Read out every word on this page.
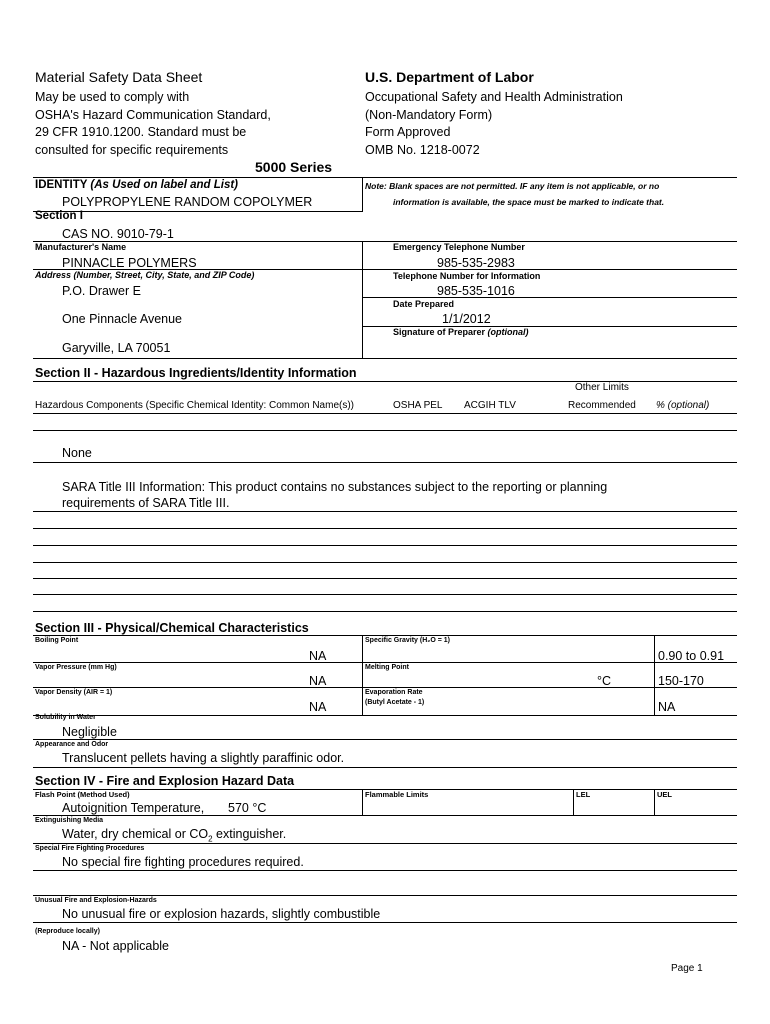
Material Safety Data Sheet
May be used to comply with
OSHA's Hazard Communication Standard,
29 CFR 1910.1200. Standard must be
consulted for specific requirements
U.S. Department of Labor
Occupational Safety and Health Administration
(Non-Mandatory Form)
Form Approved
OMB No. 1218-0072
5000 Series
IDENTITY (As Used on label and List)
POLYPROPYLENE RANDOM COPOLYMER
Note: Blank spaces are not permitted. IF any item is not applicable, or no
information is available, the space must be marked to indicate that.
Section I
CAS NO. 9010-79-1
Manufacturer's Name
PINNACLE POLYMERS
Address (Number, Street, City, State, and ZIP Code)
P.O. Drawer E
One Pinnacle Avenue
Garyville, LA 70051
Emergency Telephone Number
985-535-2983
Telephone Number for Information
985-535-1016
Date Prepared
1/1/2012
Signature of Preparer (optional)
Section II - Hazardous Ingredients/Identity Information
Other Limits
Hazardous Components (Specific Chemical Identity: Common Name(s))	OSHA PEL ACGIH TLV	Recommended % (optional)
None
SARA Title III Information: This product contains no substances subject to the reporting or planning
requirements of SARA Title III.
Section III - Physical/Chemical Characteristics
Boiling Point
NA
Specific Gravity (H₂O = 1)
0.90 to 0.91
Vapor Pressure (mm Hg)
NA
Melting Point
°C	150-170
Vapor Density (AIR = 1)
NA
Evaporation Rate
(Butyl Acetate - 1)	NA
Solubility in Water
Negligible
Appearance and Odor
Translucent pellets having a slightly paraffinic odor.
Section IV - Fire and Explosion Hazard Data
Flash Point (Method Used)
Autoignition Temperature, 570 °C
Flammable Limits	LEL	UEL
Extinguishing Media
Water, dry chemical or $CO_2$ extinguisher.
Special Fire Fighting Procedures
No special fire fighting procedures required.
Unusual Fire and Explosion-Hazards
No unusual fire or explosion hazards, slightly combustible
(Reproduce locally)
NA - Not applicable
Page 1
